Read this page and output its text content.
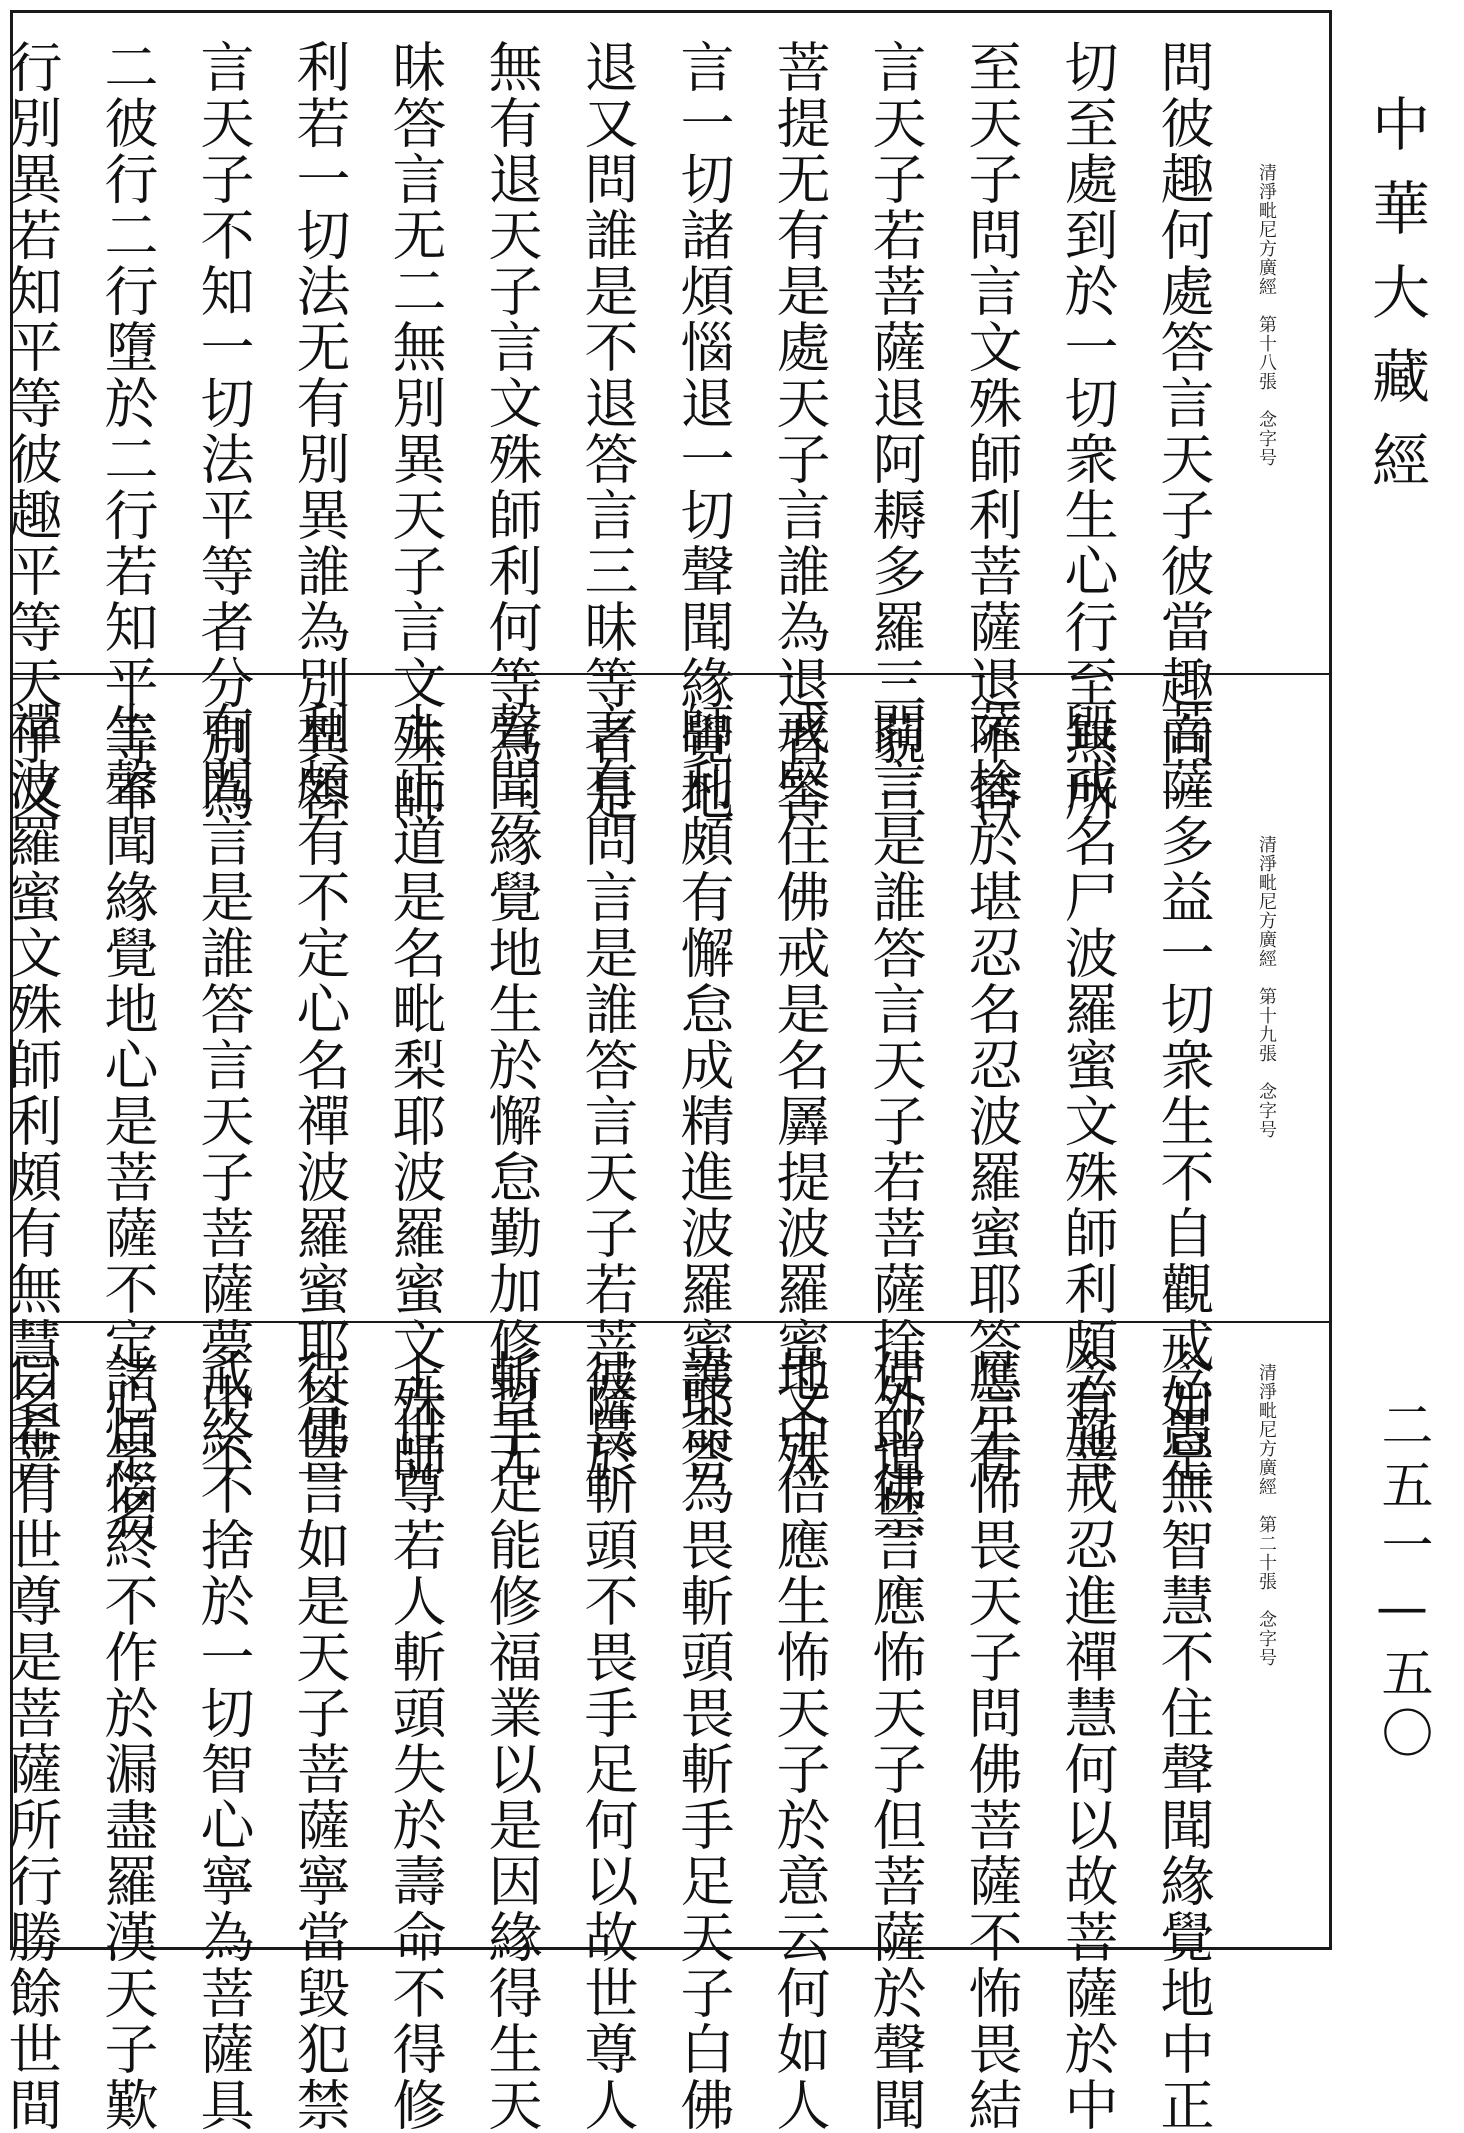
清淨毗尼方廣經　第十八張　念字号
問彼趣何處答言天子彼當趣向一
切至處到於一切衆生心行至無所
至天子問言文殊師利菩薩退不答
言天子若菩薩退阿耨多羅三藐三
菩提无有是處天子言誰為退者答
言一切諸煩惱退一切聲聞緣覺地
退又問誰是不退答言三昧等者是
無有退天子言文殊師利何等為三
昧答言无二無別異天子言文殊師
利若一切法无有別異誰為別異答
言天子不知一切法平等者分別為
二彼行二行墮於二行若知平等不
行別異若知平等彼趣平等天子又
清淨毗尼方廣經　第十九張　念字号
菩薩多益一切衆生不自觀戒如是
毀戒名尸波羅蜜文殊師利頗有菩
薩捨於堪忍名忍波羅蜜耶答言有
問言是誰答言天子若菩薩捨外道禁
戒堅住佛戒是名羼提波羅蜜文殊
師利頗有懈怠成精進波羅蜜耶答
言有問言是誰答言天子若菩薩於
聲聞緣覺地生於懈怠勤加修習无
上正道是名毗梨耶波羅蜜文殊師
利頗有不定心名禪波羅蜜耶答言
有問言是誰答言天子菩薩夢中不
生聲聞緣覺地心是菩薩不定心是名
禪波羅蜜文殊師利頗有無慧名菩
清淨毗尼方廣經　第二十張　念字号
念愚無智慧不住聲聞緣覺地中正
念施戒忍進禪慧何以故菩薩於中
應生怖畏天子問佛菩薩不怖畏結
使耶佛言應怖天子但菩薩於聲聞
地中倍應生怖天子於意云何如人
護命為畏斬頭畏斬手足天子白佛
彼畏斬頭不畏手足何以故世尊人
斬手足能修福業以是因緣得生天
上世尊若人斬頭失於壽命不得修
行佛言如是天子菩薩寧當毀犯禁
戒終不捨於一切智心寧為菩薩具
諸煩惱終不作於漏盡羅漢天子歎
曰希有世尊是菩薩所行勝餘世間
中華大藏經
二五一—五〇
